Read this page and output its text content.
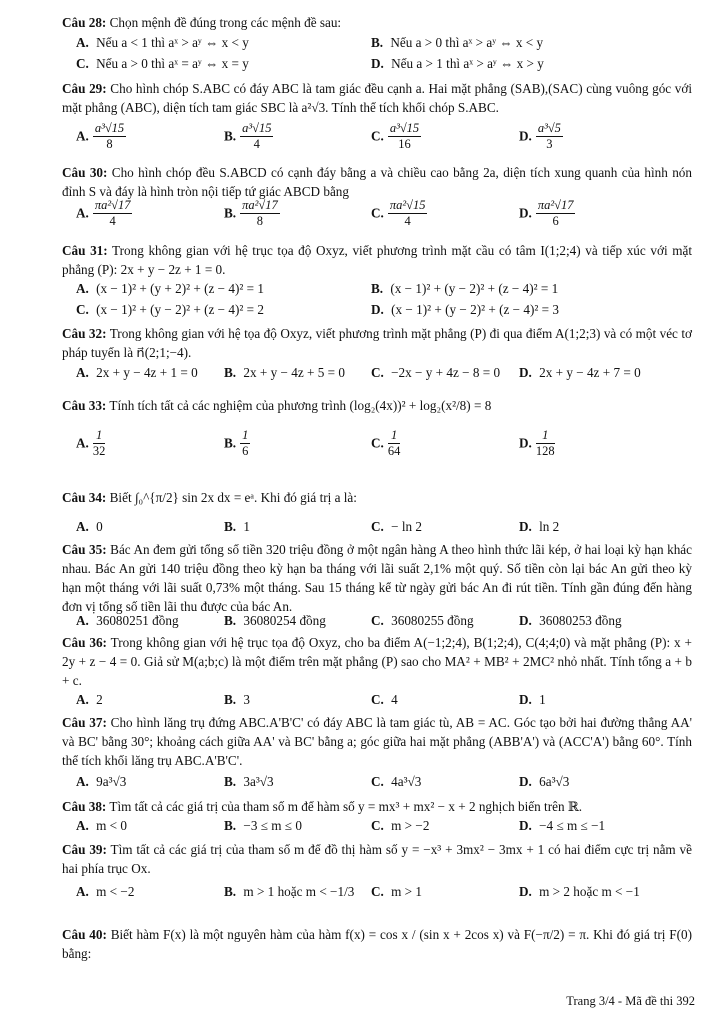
Câu 28: Chọn mệnh đề đúng trong các mệnh đề sau:
A. Nếu a < 1 thì aˣ > aʸ ⇔ x < y	B. Nếu a > 0 thì aˣ > aʸ ⇔ x < y
C. Nếu a > 0 thì aˣ = aʸ ⇔ x = y	D. Nếu a > 1 thì aˣ > aʸ ⇔ x > y
Câu 29: Cho hình chóp S.ABC có đáy ABC là tam giác đều cạnh a. Hai mặt phẳng (SAB),(SAC) cùng vuông góc với mặt phẳng (ABC), diện tích tam giác SBC là a²√3. Tính thể tích khối chóp S.ABC.
A. $\frac{\text{a³√15}}{8}$	B. $\frac{\text{a³√15}}{4}$	C. $\frac{\text{a³√15}}{16}$	D. $\frac{\text{a³√5}}{3}$
Câu 30: Cho hình chóp đều S.ABCD có cạnh đáy bằng a và chiều cao bằng 2a, diện tích xung quanh của hình nón đỉnh S và đáy là hình tròn nội tiếp tứ giác ABCD bằng
A. $\frac{\text{πa²√17}}{4}$	B. $\frac{\text{πa²√17}}{8}$	C. $\frac{\text{πa²√15}}{4}$	D. $\frac{\text{πa²√17}}{6}$
Câu 31: Trong không gian với hệ trục tọa độ Oxyz, viết phương trình mặt cầu có tâm I(1;2;4) và tiếp xúc với mặt phẳng (P): 2x + y − 2z + 1 = 0.
A. (x − 1)² + (y + 2)² + (z − 4)² = 1	B. (x − 1)² + (y − 2)² + (z − 4)² = 1
C. (x − 1)² + (y − 2)² + (z − 4)² = 2	D. (x − 1)² + (y − 2)² + (z − 4)² = 3
Câu 32: Trong không gian với hệ tọa độ Oxyz, viết phương trình mặt phẳng (P) đi qua điểm A(1;2;3) và có một véc tơ pháp tuyến là n⃗(2;1;−4).
A. 2x + y − 4z + 1 = 0 B. 2x + y − 4z + 5 = 0 C. −2x − y + 4z − 8 = 0 D. 2x + y − 4z + 7 = 0
Câu 33: Tính tích tất cả các nghiệm của phương trình (log₂(4x))² + log₂(x²/8) = 8
A. $\frac{1}{32}$	B. $\frac{1}{6}$	C. $\frac{1}{64}$	D. $\frac{1}{128}$
Câu 34: Biết ∫₀^{π/2} sin 2x dx = eᵃ. Khi đó giá trị a là:
A. 0	B. 1	C. − ln 2	D. ln 2
Câu 35: Bác An đem gửi tổng số tiền 320 triệu đồng ở một ngân hàng A theo hình thức lãi kép, ở hai loại kỳ hạn khác nhau. Bác An gửi 140 triệu đồng theo kỳ hạn ba tháng với lãi suất 2,1% một quý. Số tiền còn lại bác An gửi theo kỳ hạn một tháng với lãi suất 0,73% một tháng. Sau 15 tháng kể từ ngày gửi bác An đi rút tiền. Tính gần đúng đến hàng đơn vị tổng số tiền lãi thu được của bác An.
A. 36080251 đồng	B. 36080254 đồng	C. 36080255 đồng	D. 36080253 đồng
Câu 36: Trong không gian với hệ trục tọa độ Oxyz, cho ba điểm A(−1;2;4), B(1;2;4), C(4;4;0) và mặt phẳng (P): x + 2y + z − 4 = 0. Giả sử M(a;b;c) là một điểm trên mặt phẳng (P) sao cho MA² + MB² + 2MC² nhỏ nhất. Tính tổng a + b + c.
A. 2	B. 3	C. 4	D. 1
Câu 37: Cho hình lăng trụ đứng ABC.A'B'C' có đáy ABC là tam giác tù, AB = AC. Góc tạo bởi hai đường thẳng AA' và BC' bằng 30°; khoảng cách giữa AA' và BC' bằng a; góc giữa hai mặt phẳng (ABB'A') và (ACC'A') bằng 60°. Tính thể tích khối lăng trụ ABC.A'B'C'.
A. 9a³√3	B. 3a³√3	C. 4a³√3	D. 6a³√3
Câu 38: Tìm tất cả các giá trị của tham số m để hàm số y = mx³ + mx² − x + 2 nghịch biến trên ℝ.
A. m < 0	B. −3 ≤ m ≤ 0	C. m > −2	D. −4 ≤ m ≤ −1
Câu 39: Tìm tất cả các giá trị của tham số m để đồ thị hàm số y = −x³ + 3mx² − 3mx + 1 có hai điểm cực trị nằm về hai phía trục Ox.
A. m < −2	B. m > 1 hoặc m < −1/3 C. m > 1	D. m > 2 hoặc m < −1
Câu 40: Biết hàm F(x) là một nguyên hàm của hàm f(x) = cos x / (sin x + 2cos x) và F(−π/2) = π. Khi đó giá trị F(0) bằng:
Trang 3/4 - Mã đề thi 392
